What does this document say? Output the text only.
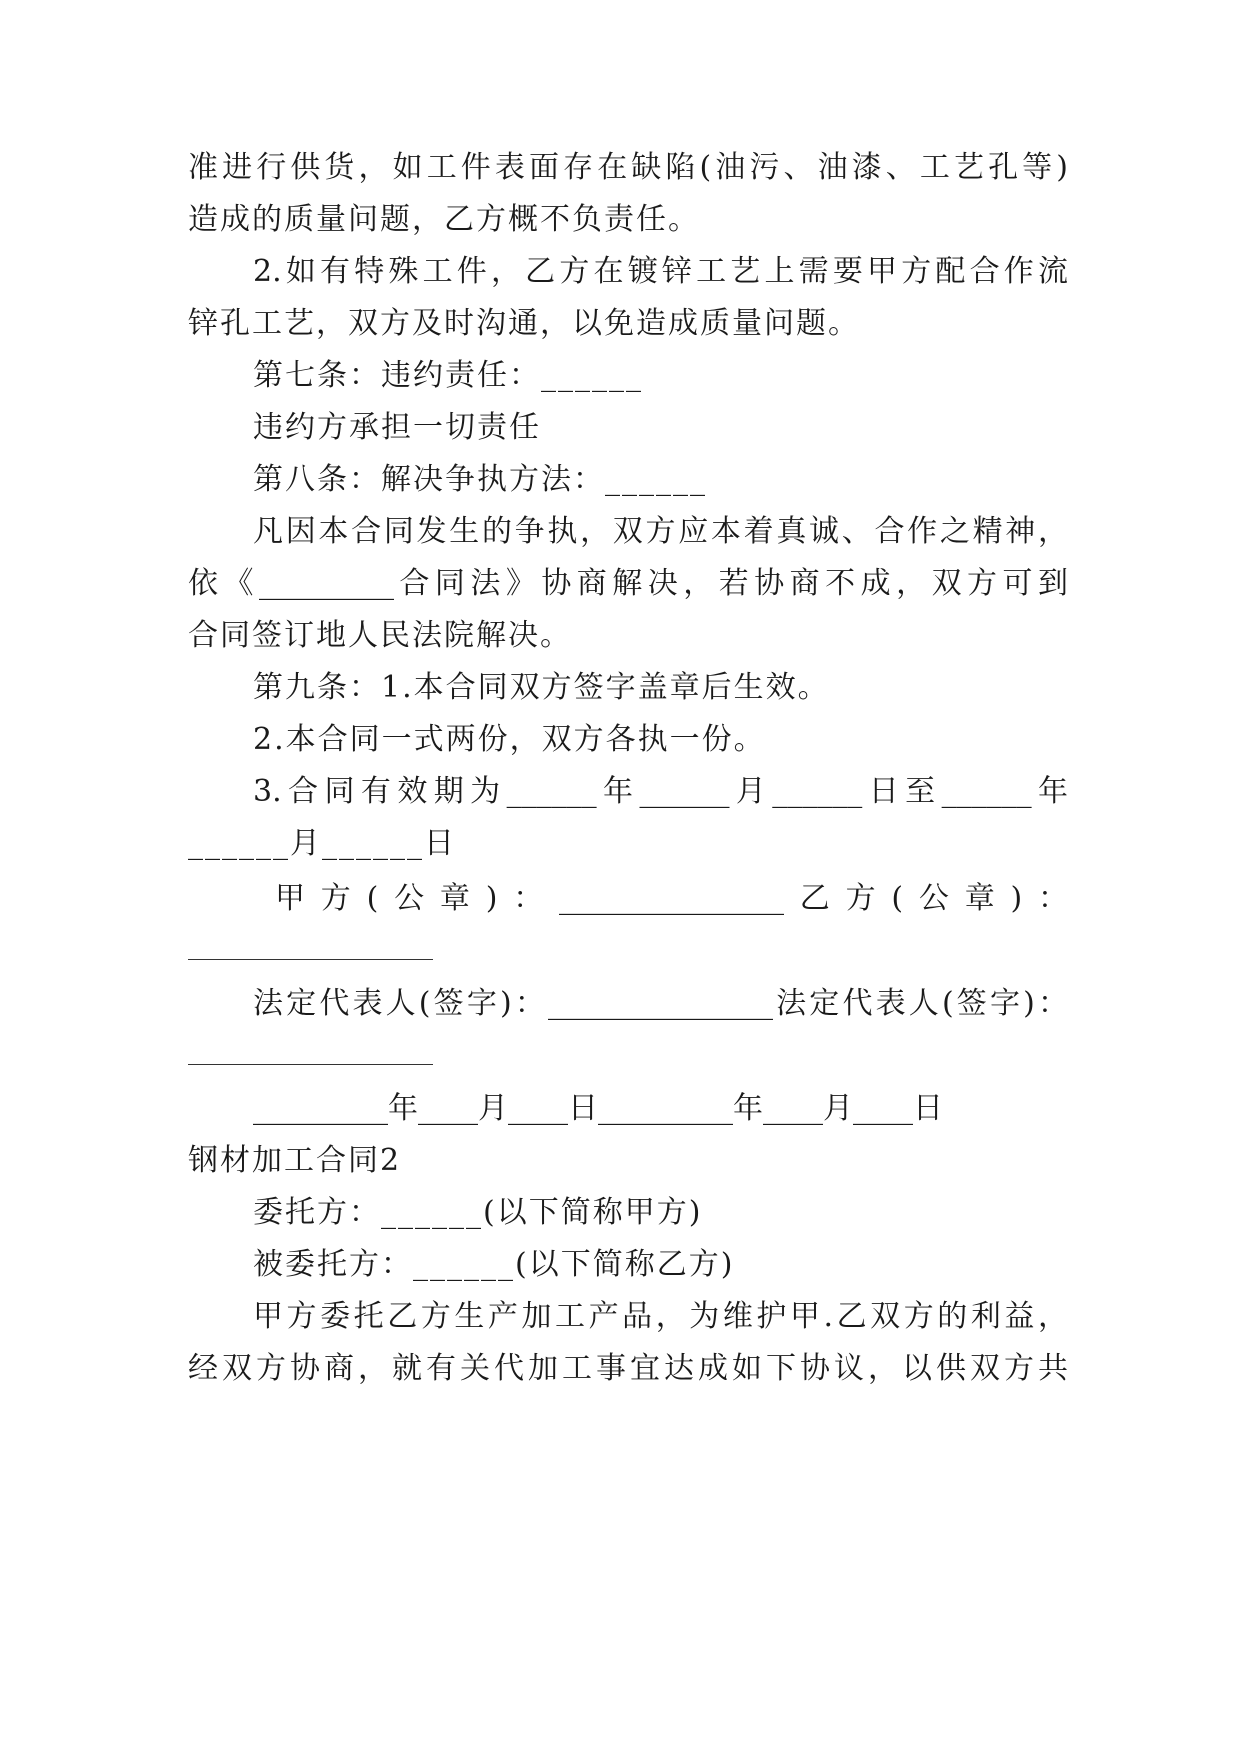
准进行供货，如工件表面存在缺陷(油污、油漆、工艺孔等)
造成的质量问题，乙方概不负责任。
2.如有特殊工件，乙方在镀锌工艺上需要甲方配合作流
锌孔工艺，双方及时沟通，以免造成质量问题。
第七条：违约责任：______
违约方承担一切责任
第八条：解决争执方法：______
凡因本合同发生的争执，双方应本着真诚、合作之精神，
依《_________合同法》协商解决，若协商不成，双方可到
合同签订地人民法院解决。
第九条：1.本合同双方签字盖章后生效。
2.本合同一式两份，双方各执一份。
3.合同有效期为______年______月______日至______年
______月______日
甲方(公章)：_______________乙方(公章)：
法定代表人(签字)：_______________法定代表人(签字)：
_________年____月____日_________年____月____日
钢材加工合同2
委托方：______(以下简称甲方)
被委托方：______(以下简称乙方)
甲方委托乙方生产加工产品，为维护甲.乙双方的利益，
经双方协商，就有关代加工事宜达成如下协议，以供双方共
